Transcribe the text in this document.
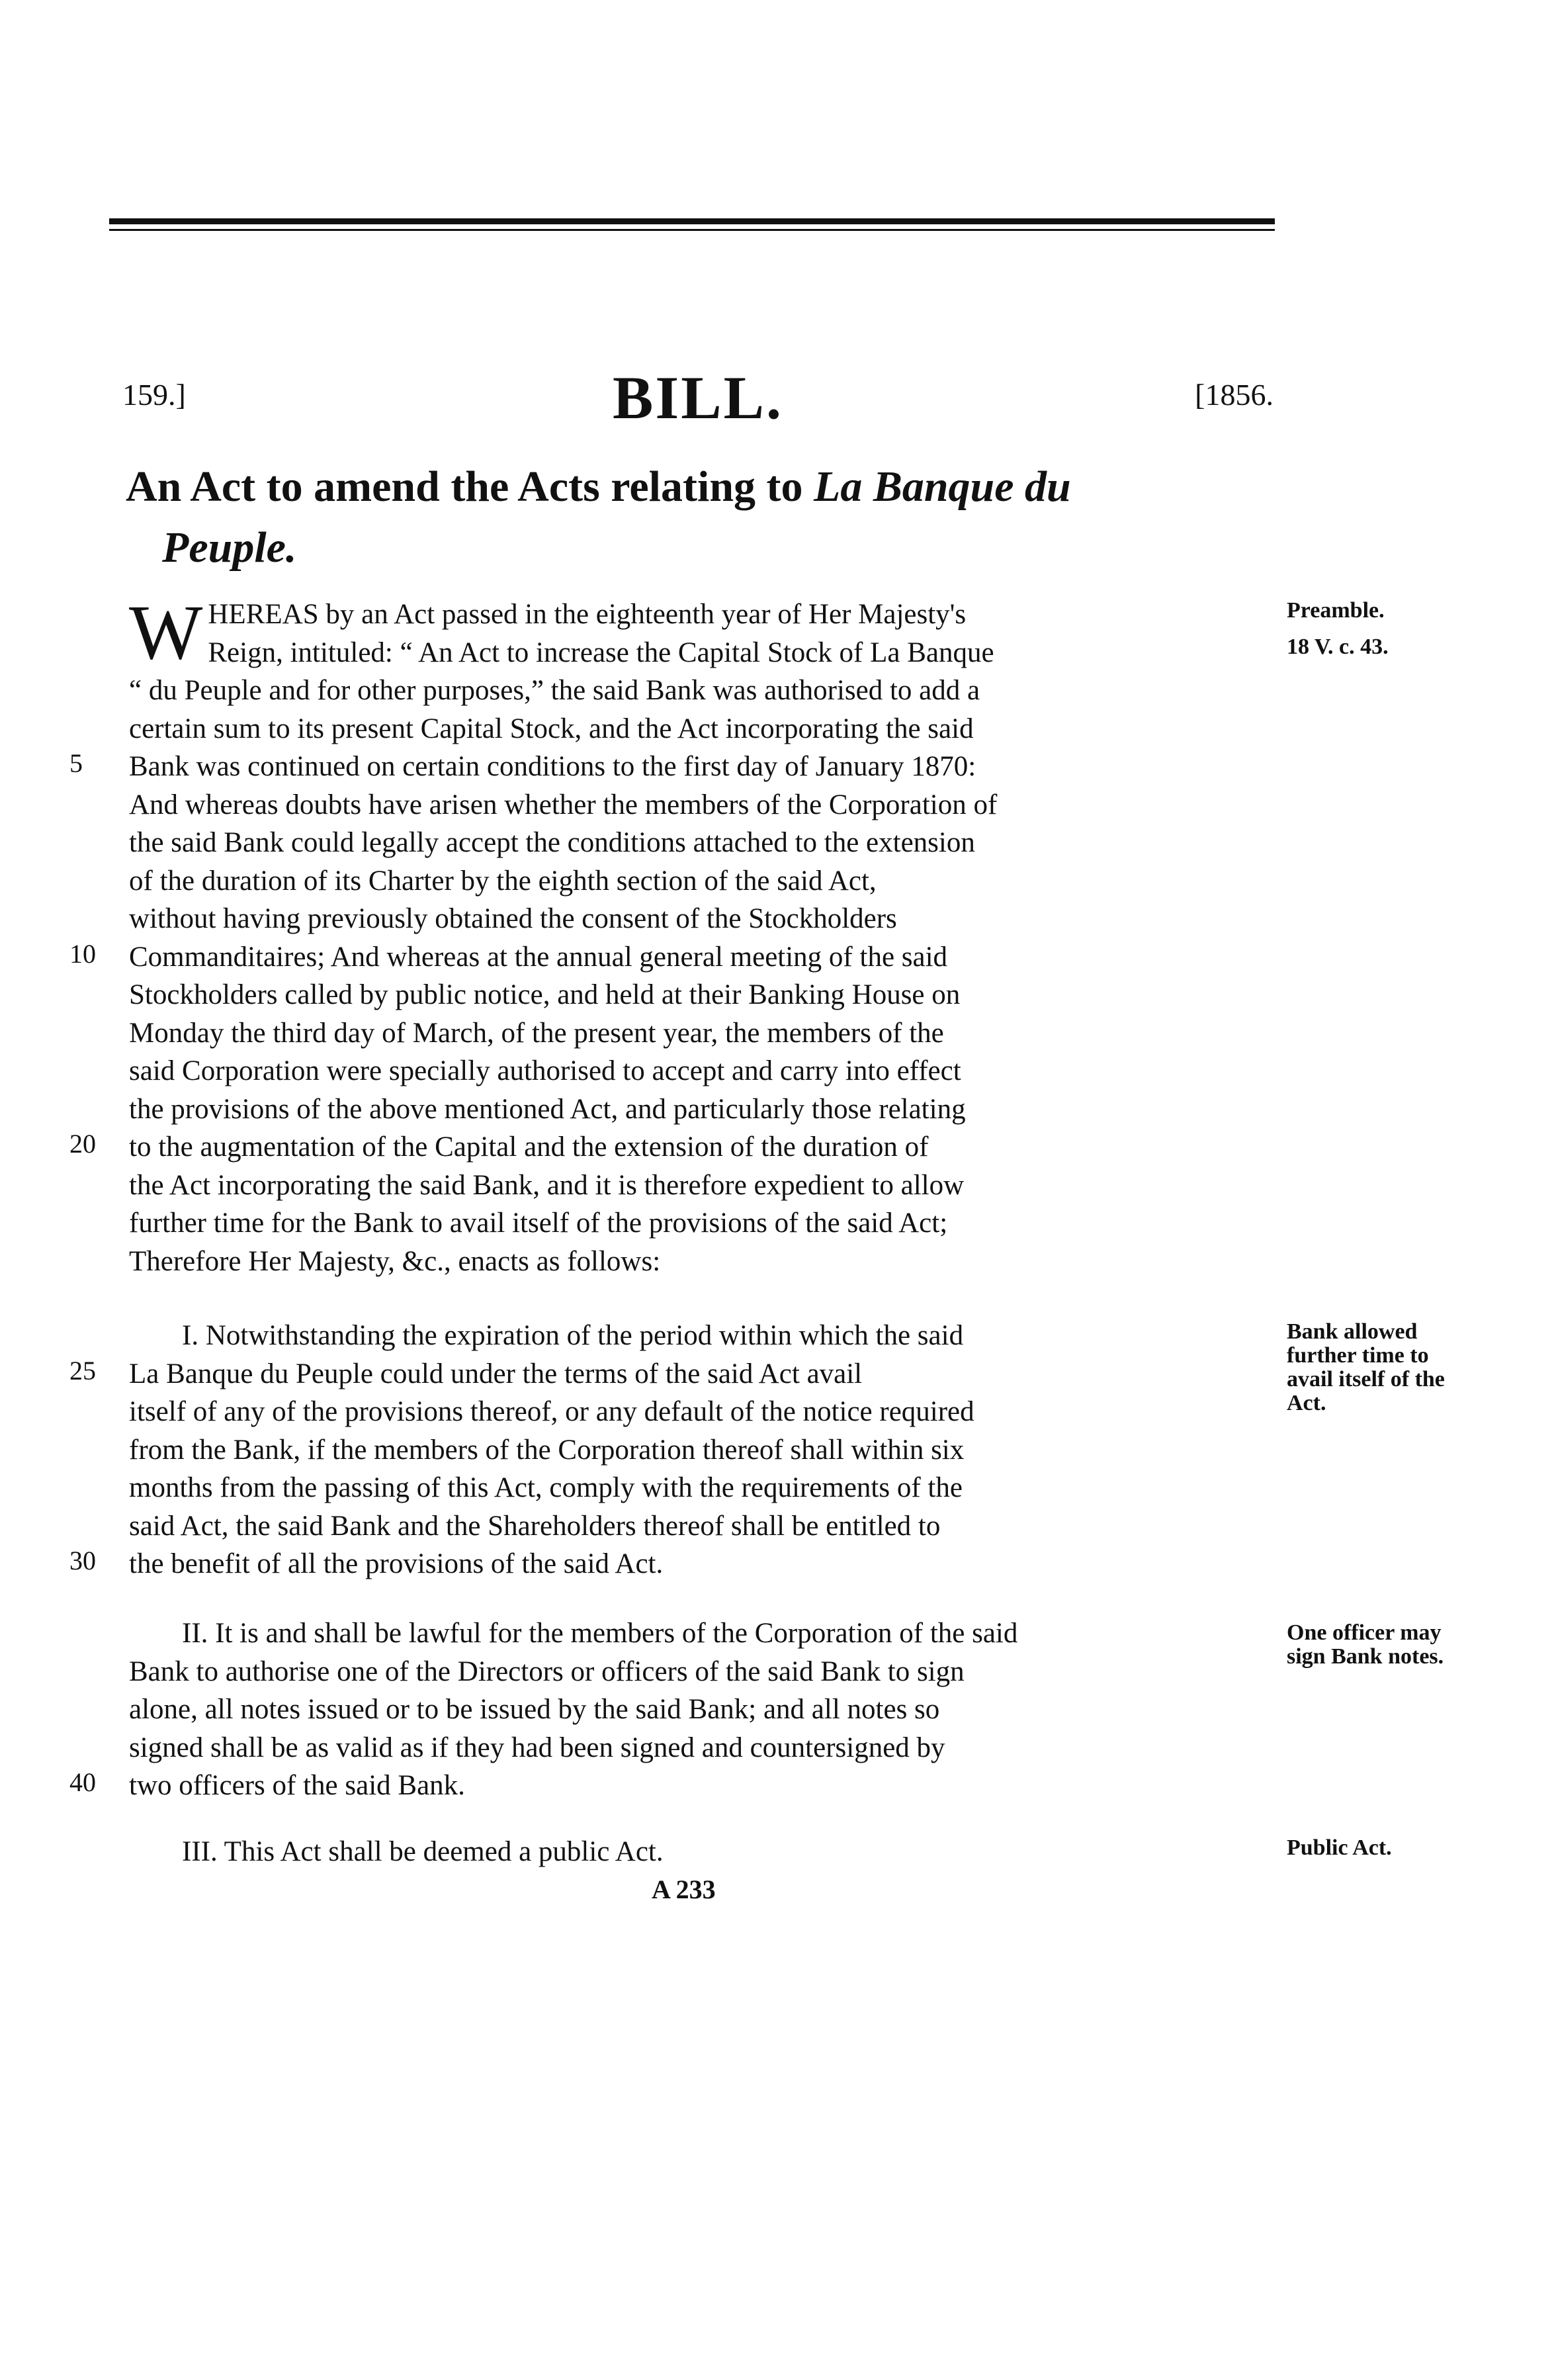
159.]	BILL.	[1856.
An Act to amend the Acts relating to La Banque du
Peuple.
W HEREAS by an Act passed in the eighteenth year of Her Majesty's
Reign, intituled: “ An Act to increase the Capital Stock of La Banque
“ du Peuple and for other purposes,” the said Bank was authorised to add a
certain sum to its present Capital Stock, and the Act incorporating the said
Bank was continued on certain conditions to the first day of January 1870:
And whereas doubts have arisen whether the members of the Corporation of
the said Bank could legally accept the conditions attached to the extension
of the duration of its Charter by the eighth section of the said Act,
without having previously obtained the consent of the Stockholders
Commanditaires; And whereas at the annual general meeting of the said
Stockholders called by public notice, and held at their Banking House on
Monday the third day of March, of the present year, the members of the
said Corporation were specially authorised to accept and carry into effect
the provisions of the above mentioned Act, and particularly those relating
to the augmentation of the Capital and the extension of the duration of
the Act incorporating the said Bank, and it is therefore expedient to allow
further time for the Bank to avail itself of the provisions of the said Act;
Therefore Her Majesty, &c., enacts as follows:
I. Notwithstanding the expiration of the period within which the said
La Banque du Peuple could under the terms of the said Act avail
itself of any of the provisions thereof, or any default of the notice required
from the Bank, if the members of the Corporation thereof shall within six
months from the passing of this Act, comply with the requirements of the
said Act, the said Bank and the Shareholders thereof shall be entitled to
the benefit of all the provisions of the said Act.
II. It is and shall be lawful for the members of the Corporation of the said
Bank to authorise one of the Directors or officers of the said Bank to sign
alone, all notes issued or to be issued by the said Bank; and all notes so
signed shall be as valid as if they had been signed and countersigned by
two officers of the said Bank.
III. This Act shall be deemed a public Act.
A 233
5
10
20
25
30
40
Preamble.
18 V. c. 43.
Bank allowed further time to avail itself of the Act.
One officer may sign Bank notes.
Public Act.
